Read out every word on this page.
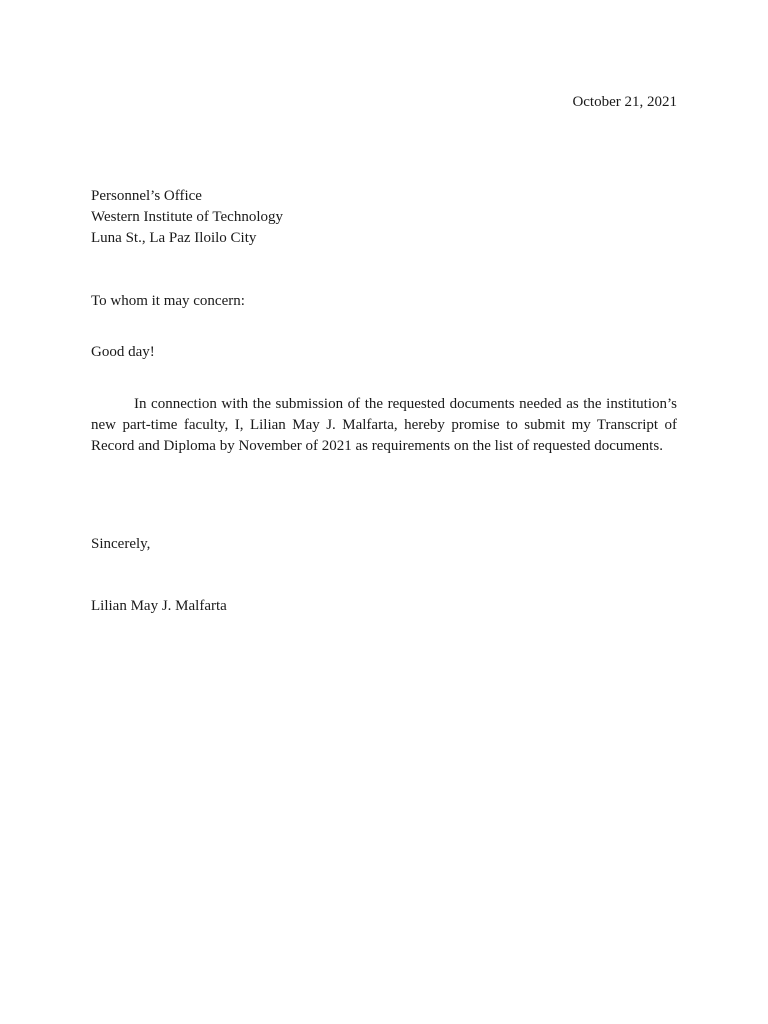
October 21, 2021
Personnel’s Office
Western Institute of Technology
Luna St., La Paz Iloilo City
To whom it may concern:
Good day!

In connection with the submission of the requested documents needed as the institution’s new part-time faculty, I, Lilian May J. Malfarta, hereby promise to submit my Transcript of Record and Diploma by November of 2021 as requirements on the list of requested documents.

Sincerely,
Lilian May J. Malfarta
